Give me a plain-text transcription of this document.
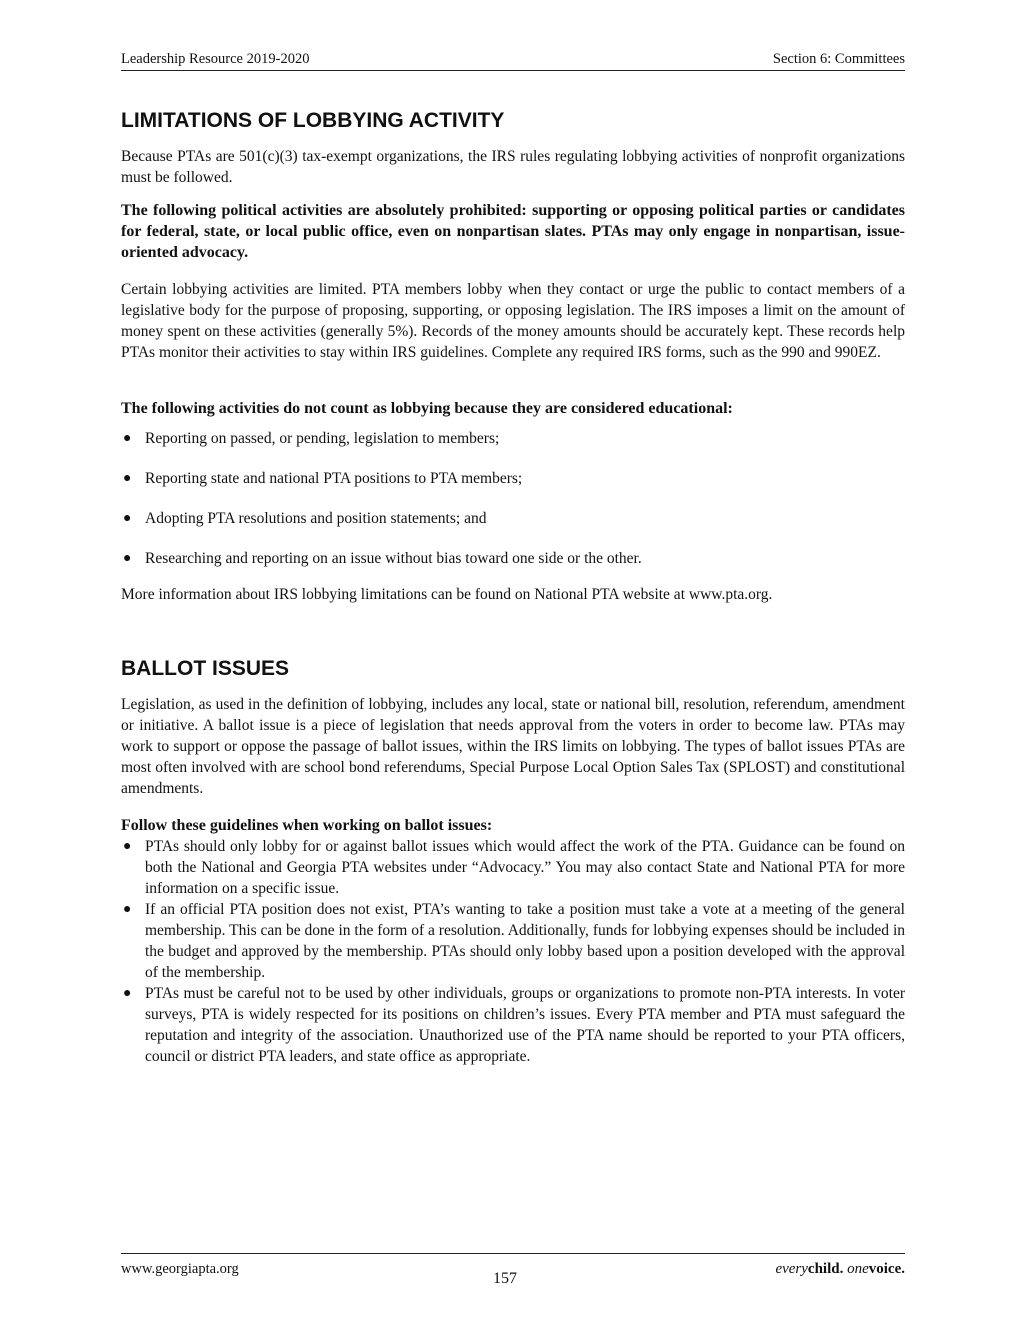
Leadership Resource 2019-2020	Section 6: Committees
LIMITATIONS OF LOBBYING ACTIVITY

Because PTAs are 501(c)(3) tax-exempt organizations, the IRS rules regulating lobbying activities of nonprofit organizations must be followed.

The following political activities are absolutely prohibited: supporting or opposing political parties or candidates for federal, state, or local public office, even on nonpartisan slates. PTAs may only engage in nonpartisan, issue-oriented advocacy.

Certain lobbying activities are limited. PTA members lobby when they contact or urge the public to contact members of a legislative body for the purpose of proposing, supporting, or opposing legislation. The IRS imposes a limit on the amount of money spent on these activities (generally 5%). Records of the money amounts should be accurately kept. These records help PTAs monitor their activities to stay within IRS guidelines. Complete any required IRS forms, such as the 990 and 990EZ.

The following activities do not count as lobbying because they are considered educational:

● Reporting on passed, or pending, legislation to members;
● Reporting state and national PTA positions to PTA members;
● Adopting PTA resolutions and position statements; and
● Researching and reporting on an issue without bias toward one side or the other.

More information about IRS lobbying limitations can be found on National PTA website at www.pta.org.

BALLOT ISSUES

Legislation, as used in the definition of lobbying, includes any local, state or national bill, resolution, referendum, amendment or initiative. A ballot issue is a piece of legislation that needs approval from the voters in order to become law. PTAs may work to support or oppose the passage of ballot issues, within the IRS limits on lobbying. The types of ballot issues PTAs are most often involved with are school bond referendums, Special Purpose Local Option Sales Tax (SPLOST) and constitutional amendments.

Follow these guidelines when working on ballot issues:

● PTAs should only lobby for or against ballot issues which would affect the work of the PTA. Guidance can be found on both the National and Georgia PTA websites under “Advocacy.” You may also contact State and National PTA for more information on a specific issue.
● If an official PTA position does not exist, PTA’s wanting to take a position must take a vote at a meeting of the general membership. This can be done in the form of a resolution. Additionally, funds for lobbying expenses should be included in the budget and approved by the membership. PTAs should only lobby based upon a position developed with the approval of the membership.
● PTAs must be careful not to be used by other individuals, groups or organizations to promote non-PTA interests. In voter surveys, PTA is widely respected for its positions on children’s issues. Every PTA member and PTA must safeguard the reputation and integrity of the association. Unauthorized use of the PTA name should be reported to your PTA officers, council or district PTA leaders, and state office as appropriate.
www.georgiapta.org
157
everychild. onevoice.
